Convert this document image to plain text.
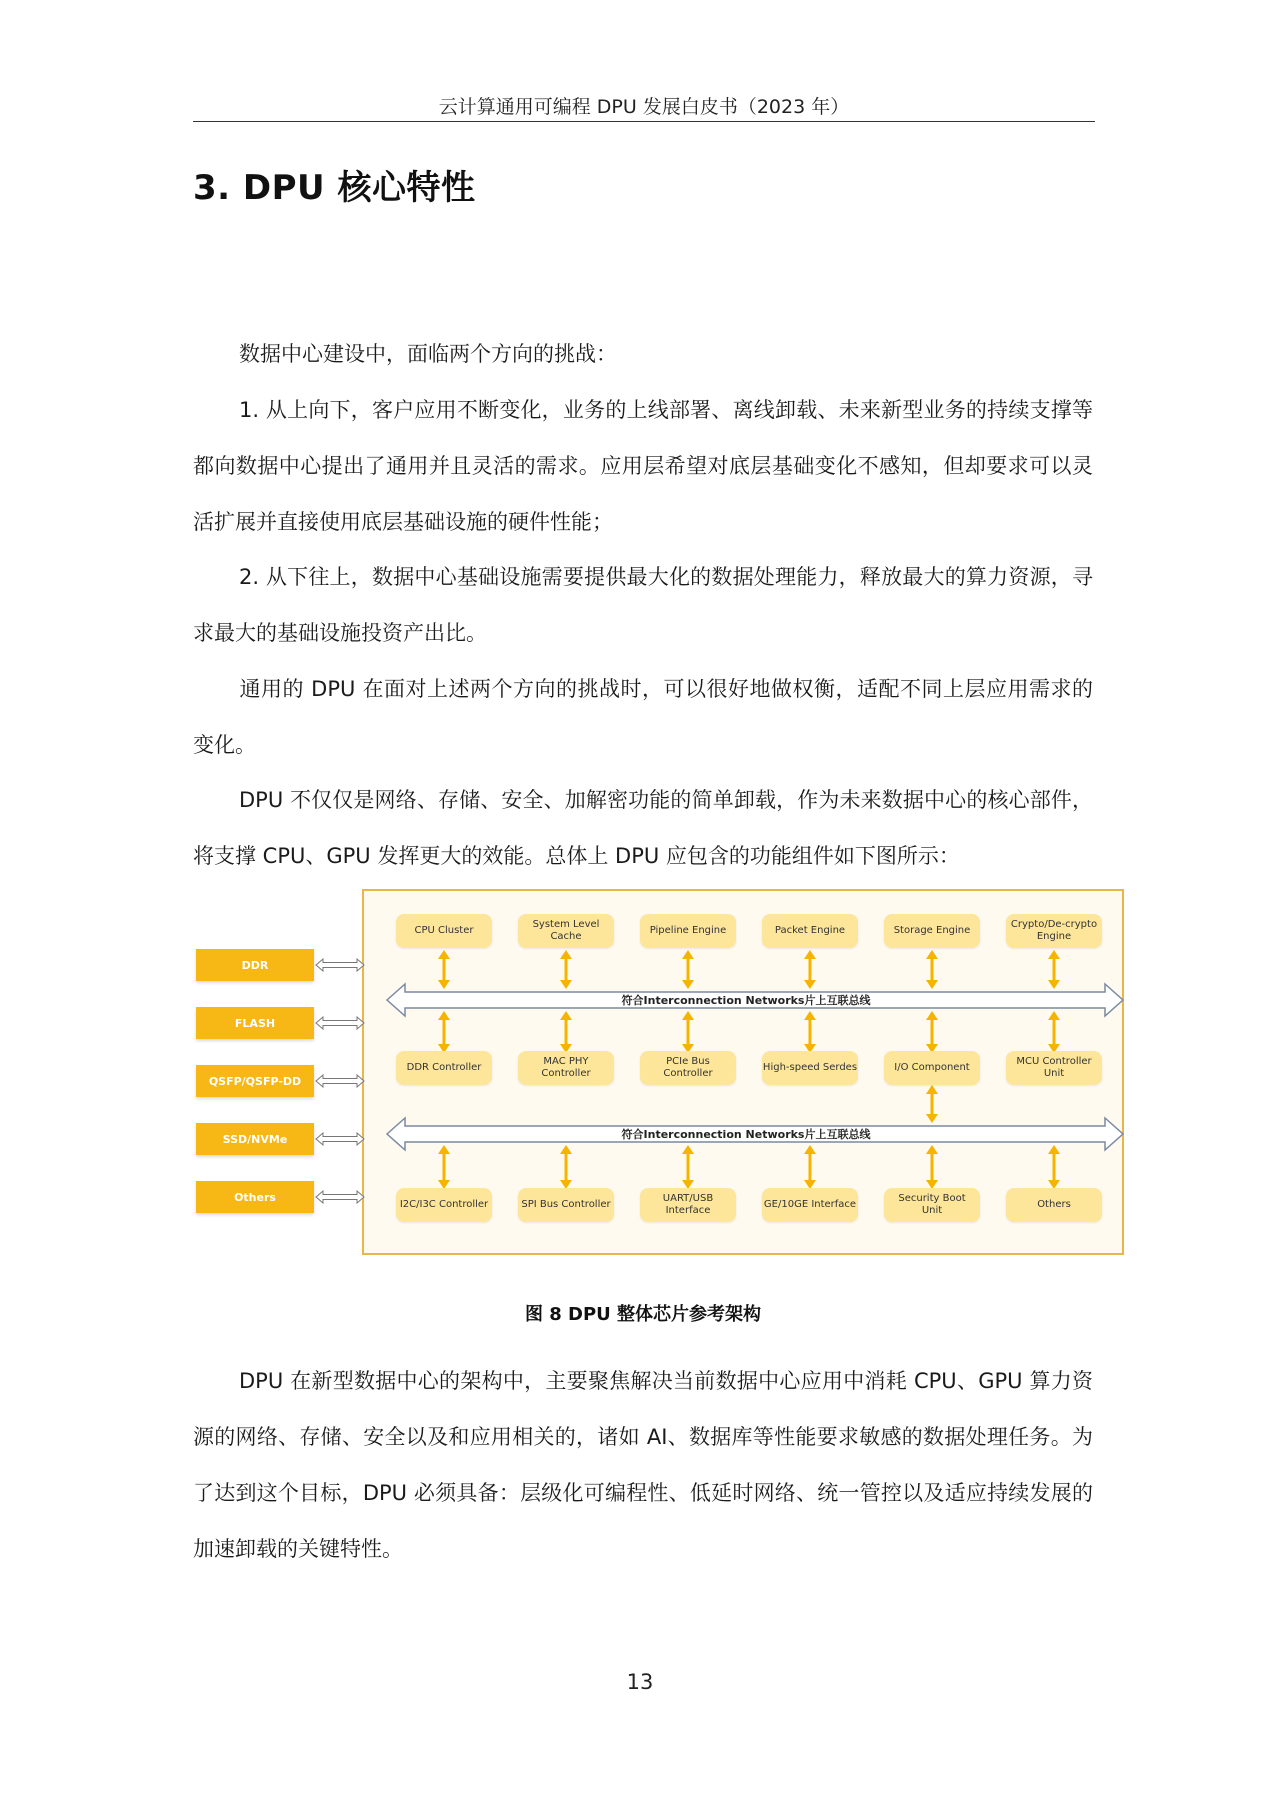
云计算通用可编程 DPU 发展白皮书（2023 年）
3. DPU 核心特性
数据中心建设中，面临两个方向的挑战：
1. 从上向下，客户应用不断变化，业务的上线部署、离线卸载、未来新型业务的持续支撑等都向数据中心提出了通用并且灵活的需求。应用层希望对底层基础变化不感知，但却要求可以灵活扩展并直接使用底层基础设施的硬件性能；
2. 从下往上，数据中心基础设施需要提供最大化的数据处理能力，释放最大的算力资源，寻求最大的基础设施投资产出比。
通用的 DPU 在面对上述两个方向的挑战时，可以很好地做权衡，适配不同上层应用需求的变化。
DPU 不仅仅是网络、存储、安全、加解密功能的简单卸载，作为未来数据中心的核心部件，将支撑 CPU、GPU 发挥更大的效能。总体上 DPU 应包含的功能组件如下图所示：
DDR
FLASH
QSFP/QSFP-DD
SSD/NVMe
Others
符合Interconnection Networks片上互联总线
符合Interconnection Networks片上互联总线
CPU Cluster
System Level
Cache
Pipeline Engine	Packet Engine	Storage Engine
Crypto/De-crypto
Engine
DDR Controller
MAC PHY
Controller
PCIe Bus
Controller
High-speed Serdes	I/O Component
MCU Controller
Unit
I2C/I3C Controller	SPI Bus Controller
UART/USB
Interface
GE/10GE Interface
Security Boot
Unit
Others
图 8 DPU 整体芯片参考架构
DPU 在新型数据中心的架构中，主要聚焦解决当前数据中心应用中消耗 CPU、GPU 算力资源的网络、存储、安全以及和应用相关的，诸如 AI、数据库等性能要求敏感的数据处理任务。为了达到这个目标，DPU 必须具备：层级化可编程性、低延时网络、统一管控以及适应持续发展的加速卸载的关键特性。
13
